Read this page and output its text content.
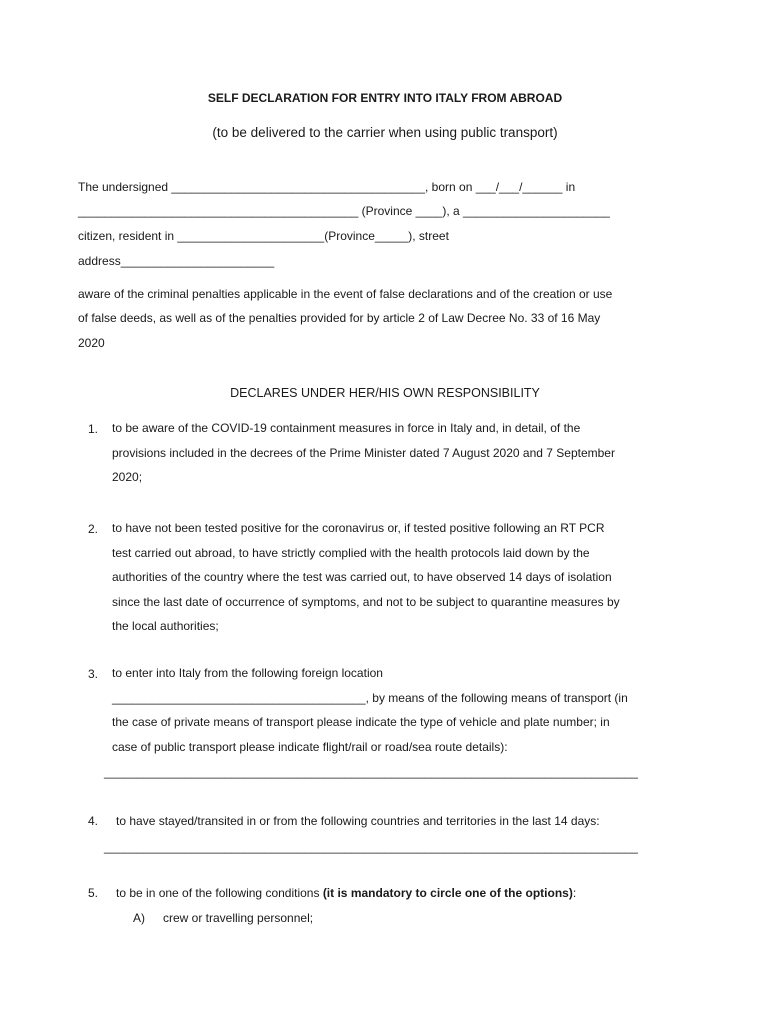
SELF DECLARATION FOR ENTRY INTO ITALY FROM ABROAD
(to be delivered to the carrier when using public transport)
The undersigned ______________________________________, born on ___/___/______ in
__________________________________________ (Province ____), a ______________________
citizen, resident in ______________________(Province_____), street
address_______________________
aware of the criminal penalties applicable in the event of false declarations and of the creation or use
of false deeds, as well as of the penalties provided for by article 2 of Law Decree No. 33 of 16 May
2020
DECLARES UNDER HER/HIS OWN RESPONSIBILITY
1. to be aware of the COVID-19 containment measures in force in Italy and, in detail, of the
provisions included in the decrees of the Prime Minister dated 7 August 2020 and 7 September
2020;
2. to have not been tested positive for the coronavirus or, if tested positive following an RT PCR
test carried out abroad, to have strictly complied with the health protocols laid down by the
authorities of the country where the test was carried out, to have observed 14 days of isolation
since the last date of occurrence of symptoms, and not to be subject to quarantine measures by
the local authorities;
3. to enter into Italy from the following foreign location
______________________________________, by means of the following means of transport (in
the case of private means of transport please indicate the type of vehicle and plate number; in
case of public transport please indicate flight/rail or road/sea route details):
________________________________________________________________________________
4. to have stayed/transited in or from the following countries and territories in the last 14 days:
________________________________________________________________________________
5. to be in one of the following conditions (it is mandatory to circle one of the options):
A) crew or travelling personnel;
